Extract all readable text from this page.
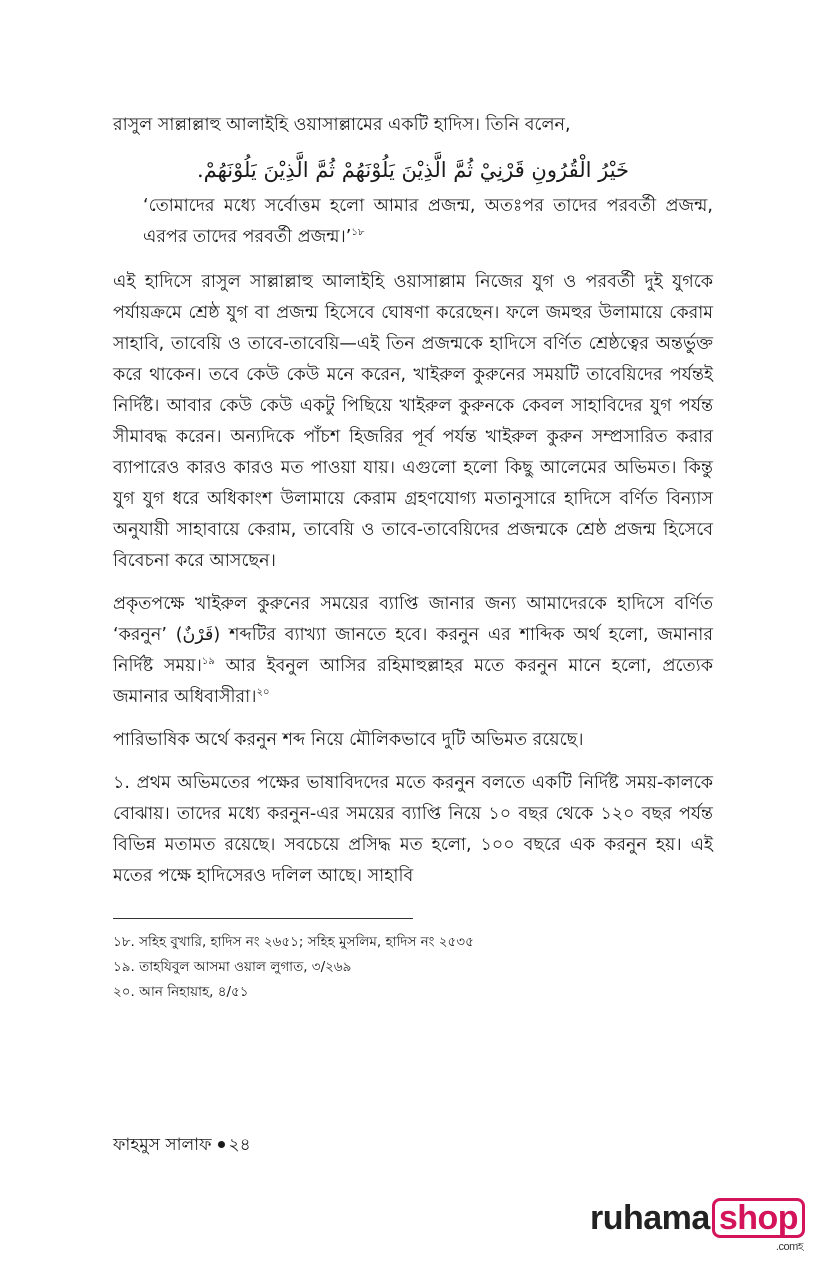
রাসুল সাল্লাল্লাহু আলাইহি ওয়াসাল্লামের একটি হাদিস। তিনি বলেন,

خَيْرُ الْقُرُونِ قَرْنِيْ ثُمَّ الَّذِيْنَ يَلُوْنَهُمْ ثُمَّ الَّذِيْنَ يَلُوْنَهُمْ.

‘তোমাদের মধ্যে সর্বোত্তম হলো আমার প্রজন্ম, অতঃপর তাদের পরবর্তী প্রজন্ম, এরপর তাদের পরবর্তী প্রজন্ম।’$^{১৮}$

এই হাদিসে রাসুল সাল্লাল্লাহু আলাইহি ওয়াসাল্লাম নিজের যুগ ও পরবর্তী দুই যুগকে পর্যায়ক্রমে শ্রেষ্ঠ যুগ বা প্রজন্ম হিসেবে ঘোষণা করেছেন। ফলে জমহুর উলামায়ে কেরাম সাহাবি, তাবেয়ি ও তাবে-তাবেয়ি—এই তিন প্রজন্মকে হাদিসে বর্ণিত শ্রেষ্ঠত্বের অন্তর্ভুক্ত করে থাকেন। তবে কেউ কেউ মনে করেন, খাইরুল কুরুনের সময়টি তাবেয়িদের পর্যন্তই নির্দিষ্ট। আবার কেউ কেউ একটু পিছিয়ে খাইরুল কুরুনকে কেবল সাহাবিদের যুগ পর্যন্ত সীমাবদ্ধ করেন। অন্যদিকে পাঁচশ হিজরির পূর্ব পর্যন্ত খাইরুল কুরুন সম্প্রসারিত করার ব্যাপারেও কারও কারও মত পাওয়া যায়। এগুলো হলো কিছু আলেমের অভিমত। কিন্তু যুগ যুগ ধরে অধিকাংশ উলামায়ে কেরাম গ্রহণযোগ্য মতানুসারে হাদিসে বর্ণিত বিন্যাস অনুযায়ী সাহাবায়ে কেরাম, তাবেয়ি ও তাবে-তাবেয়িদের প্রজন্মকে শ্রেষ্ঠ প্রজন্ম হিসেবে বিবেচনা করে আসছেন।

প্রকৃতপক্ষে খাইরুল কুরুনের সময়ের ব্যাপ্তি জানার জন্য আমাদেরকে হাদিসে বর্ণিত ‘করনুন’ (قَرْنٌ) শব্দটির ব্যাখ্যা জানতে হবে। করনুন এর শাব্দিক অর্থ হলো, জমানার নির্দিষ্ট সময়।$^{১৯}$ আর ইবনুল আসির রহিমাহুল্লাহর মতে করনুন মানে হলো, প্রত্যেক জমানার অধিবাসীরা।$^{২০}$

পারিভাষিক অর্থে করনুন শব্দ নিয়ে মৌলিকভাবে দুটি অভিমত রয়েছে।

১. প্রথম অভিমতের পক্ষের ভাষাবিদদের মতে করনুন বলতে একটি নির্দিষ্ট সময়-কালকে বোঝায়। তাদের মধ্যে করনুন-এর সময়ের ব্যাপ্তি নিয়ে ১০ বছর থেকে ১২০ বছর পর্যন্ত বিভিন্ন মতামত রয়েছে। সবচেয়ে প্রসিদ্ধ মত হলো, ১০০ বছরে এক করনুন হয়। এই মতের পক্ষে হাদিসেরও দলিল আছে। সাহাবি

১৮. সহিহ বুখারি, হাদিস নং ২৬৫১; সহিহ মুসলিম, হাদিস নং ২৫৩৫

১৯. তাহযিবুল আসমা ওয়াল লুগাত, ৩/২৬৯

২০. আন নিহায়াহ, ৪/৫১

ফাহমুস সালাফ ২৪
ruhama shop
.comহ
